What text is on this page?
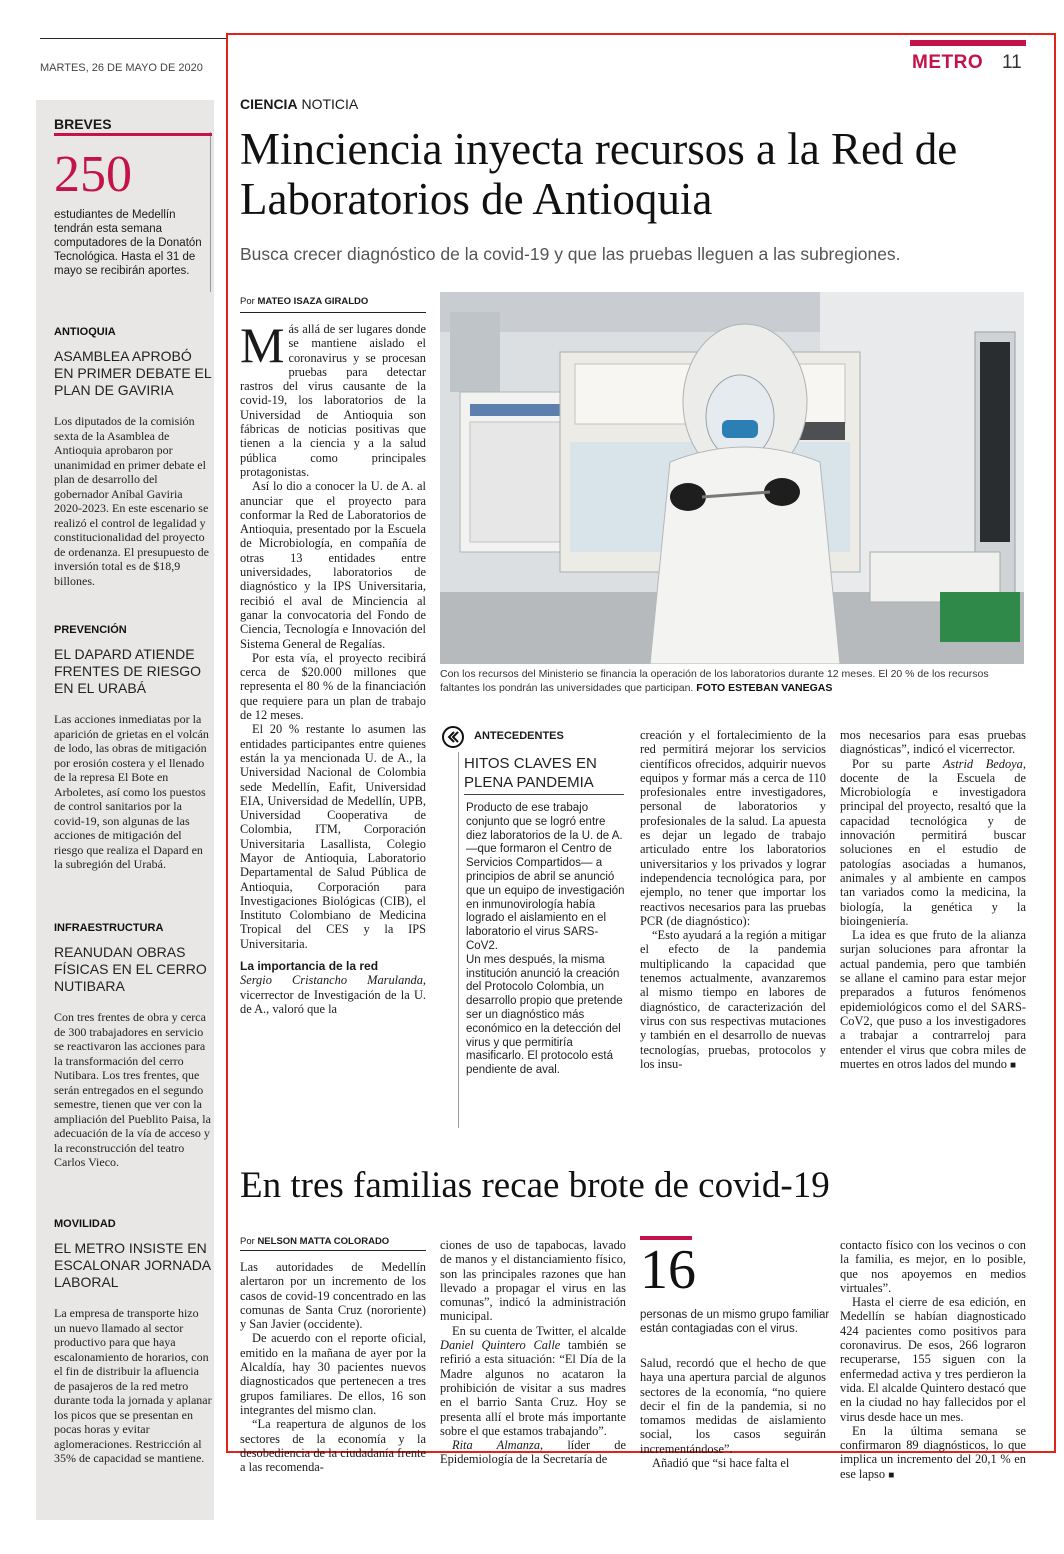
MARTES, 26 DE MAYO DE 2020	METRO 11
BREVES
250
estudiantes de Medellín tendrán esta semana computadores de la Donatón Tecnológica. Hasta el 31 de mayo se recibirán aportes.
ANTIOQUIA
ASAMBLEA APROBÓ EN PRIMER DEBATE EL PLAN DE GAVIRIA
Los diputados de la comisión sexta de la Asamblea de Antioquia aprobaron por unanimidad en primer debate el plan de desarrollo del gobernador Aníbal Gaviria 2020-2023. En este escenario se realizó el control de legalidad y constitucionalidad del proyecto de ordenanza. El presupuesto de inversión total es de $18,9 billones.
PREVENCIÓN
EL DAPARD ATIENDE FRENTES DE RIESGO EN EL URABÁ
Las acciones inmediatas por la aparición de grietas en el volcán de lodo, las obras de mitigación por erosión costera y el llenado de la represa El Bote en Arboletes, así como los puestos de control sanitarios por la covid-19, son algunas de las acciones de mitigación del riesgo que realiza el Dapard en la subregión del Urabá.
INFRAESTRUCTURA
REANUDAN OBRAS FÍSICAS EN EL CERRO NUTIBARA
Con tres frentes de obra y cerca de 300 trabajadores en servicio se reactivaron las acciones para la transformación del cerro Nutibara. Los tres frentes, que serán entregados en el segundo semestre, tienen que ver con la ampliación del Pueblito Paisa, la adecuación de la vía de acceso y la reconstrucción del teatro Carlos Vieco.
MOVILIDAD
EL METRO INSISTE EN ESCALONAR JORNADA LABORAL
La empresa de transporte hizo un nuevo llamado al sector productivo para que haya escalonamiento de horarios, con el fin de distribuir la afluencia de pasajeros de la red metro durante toda la jornada y aplanar los picos que se presentan en pocas horas y evitar aglomeraciones. Restricción al 35% de capacidad se mantiene.
CIENCIA NOTICIA
Minciencia inyecta recursos a la Red de Laboratorios de Antioquia
Busca crecer diagnóstico de la covid-19 y que las pruebas lleguen a las subregiones.
Por MATEO ISAZA GIRALDO

Más allá de ser lugares donde se mantiene aislado el coronavirus y se procesan pruebas para detectar rastros del virus causante de la covid-19, los laboratorios de la Universidad de Antioquia son fábricas de noticias positivas que tienen a la ciencia y a la salud pública como principales protagonistas.

Así lo dio a conocer la U. de A. al anunciar que el proyecto para conformar la Red de Laboratorios de Antioquia, presentado por la Escuela de Microbiología, en compañía de otras 13 entidades entre universidades, laboratorios de diagnóstico y la IPS Universitaria, recibió el aval de Minciencia al ganar la convocatoria del Fondo de Ciencia, Tecnología e Innovación del Sistema General de Regalías.

Por esta vía, el proyecto recibirá cerca de $20.000 millones que representa el 80 % de la financiación que requiere para un plan de trabajo de 12 meses.

El 20 % restante lo asumen las entidades participantes entre quienes están la ya mencionada U. de A., la Universidad Nacional de Colombia sede Medellín, Eafit, Universidad EIA, Universidad de Medellín, UPB, Universidad Cooperativa de Colombia, ITM, Corporación Universitaria Lasallista, Colegio Mayor de Antioquia, Laboratorio Departamental de Salud Pública de Antioquia, Corporación para Investigaciones Biológicas (CIB), el Instituto Colombiano de Medicina Tropical del CES y la IPS Universitaria.

La importancia de la red

Sergio Cristancho Marulanda, vicerrector de Investigación de la U. de A., valoró que la

Con los recursos del Ministerio se financia la operación de los laboratorios durante 12 meses. El 20 % de los recursos faltantes los pondrán las universidades que participan. FOTO ESTEBAN VANEGAS
ANTECEDENTES
HITOS CLAVES EN PLENA PANDEMIA

Producto de ese trabajo conjunto que se logró entre diez laboratorios de la U. de A. —que formaron el Centro de Servicios Compartidos— a principios de abril se anunció que un equipo de investigación en inmunovirología había logrado el aislamiento en el laboratorio el virus SARS-CoV2.

Un mes después, la misma institución anunció la creación del Protocolo Colombia, un desarrollo propio que pretende ser un diagnóstico más económico en la detección del virus y que permitiría masificarlo. El protocolo está pendiente de aval.

creación y el fortalecimiento de la red permitirá mejorar los servicios científicos ofrecidos, adquirir nuevos equipos y formar más a cerca de 110 profesionales entre investigadores, personal de laboratorios y profesionales de la salud. La apuesta es dejar un legado de trabajo articulado entre los laboratorios universitarios y los privados y lograr independencia tecnológica para, por ejemplo, no tener que importar los reactivos necesarios para las pruebas PCR (de diagnóstico):

“Esto ayudará a la región a mitigar el efecto de la pandemia multiplicando la capacidad que tenemos actualmente, avanzaremos al mismo tiempo en labores de diagnóstico, de caracterización del virus con sus respectivas mutaciones y también en el desarrollo de nuevas tecnologías, pruebas, protocolos y los insu-

mos necesarios para esas pruebas diagnósticas”, indicó el vicerrector.

Por su parte Astrid Bedoya, docente de la Escuela de Microbiología e investigadora principal del proyecto, resaltó que la capacidad tecnológica y de innovación permitirá buscar soluciones en el estudio de patologías asociadas a humanos, animales y al ambiente en campos tan variados como la medicina, la biología, la genética y la bioingeniería.

La idea es que fruto de la alianza surjan soluciones para afrontar la actual pandemia, pero que también se allane el camino para estar mejor preparados a futuros fenómenos epidemiológicos como el del SARS-CoV2, que puso a los investigadores a trabajar a contrarreloj para entender el virus que cobra miles de muertes en otros lados del mundo ■

En tres familias recae brote de covid-19
Por NELSON MATTA COLORADO

Las autoridades de Medellín alertaron por un incremento de los casos de covid-19 concentrado en las comunas de Santa Cruz (nororiente) y San Javier (occidente).

De acuerdo con el reporte oficial, emitido en la mañana de ayer por la Alcaldía, hay 30 pacientes nuevos diagnosticados que pertenecen a tres grupos familiares. De ellos, 16 son integrantes del mismo clan.

“La reapertura de algunos de los sectores de la economía y la desobediencia de la ciudadanía frente a las recomenda-

ciones de uso de tapabocas, lavado de manos y el distanciamiento físico, son las principales razones que han llevado a propagar el virus en las comunas”, indicó la administración municipal.

En su cuenta de Twitter, el alcalde Daniel Quintero Calle también se refirió a esta situación: “El Día de la Madre algunos no acataron la prohibición de visitar a sus madres en el barrio Santa Cruz. Hoy se presenta allí el brote más importante sobre el que estamos trabajando”.

Rita Almanza, líder de Epidemiología de la Secretaría de

16
personas de un mismo grupo familiar están contagiadas con el virus.

Salud, recordó que el hecho de que haya una apertura parcial de algunos sectores de la economía, “no quiere decir el fin de la pandemia, si no tomamos medidas de aislamiento social, los casos seguirán incrementándose”.

Añadió que “si hace falta el

contacto físico con los vecinos o con la familia, es mejor, en lo posible, que nos apoyemos en medios virtuales”.

Hasta el cierre de esa edición, en Medellín se habían diagnosticado 424 pacientes como positivos para coronavirus. De esos, 266 lograron recuperarse, 155 siguen con la enfermedad activa y tres perdieron la vida. El alcalde Quintero destacó que en la ciudad no hay fallecidos por el virus desde hace un mes.

En la última semana se confirmaron 89 diagnósticos, lo que implica un incremento del 20,1 % en ese lapso ■
